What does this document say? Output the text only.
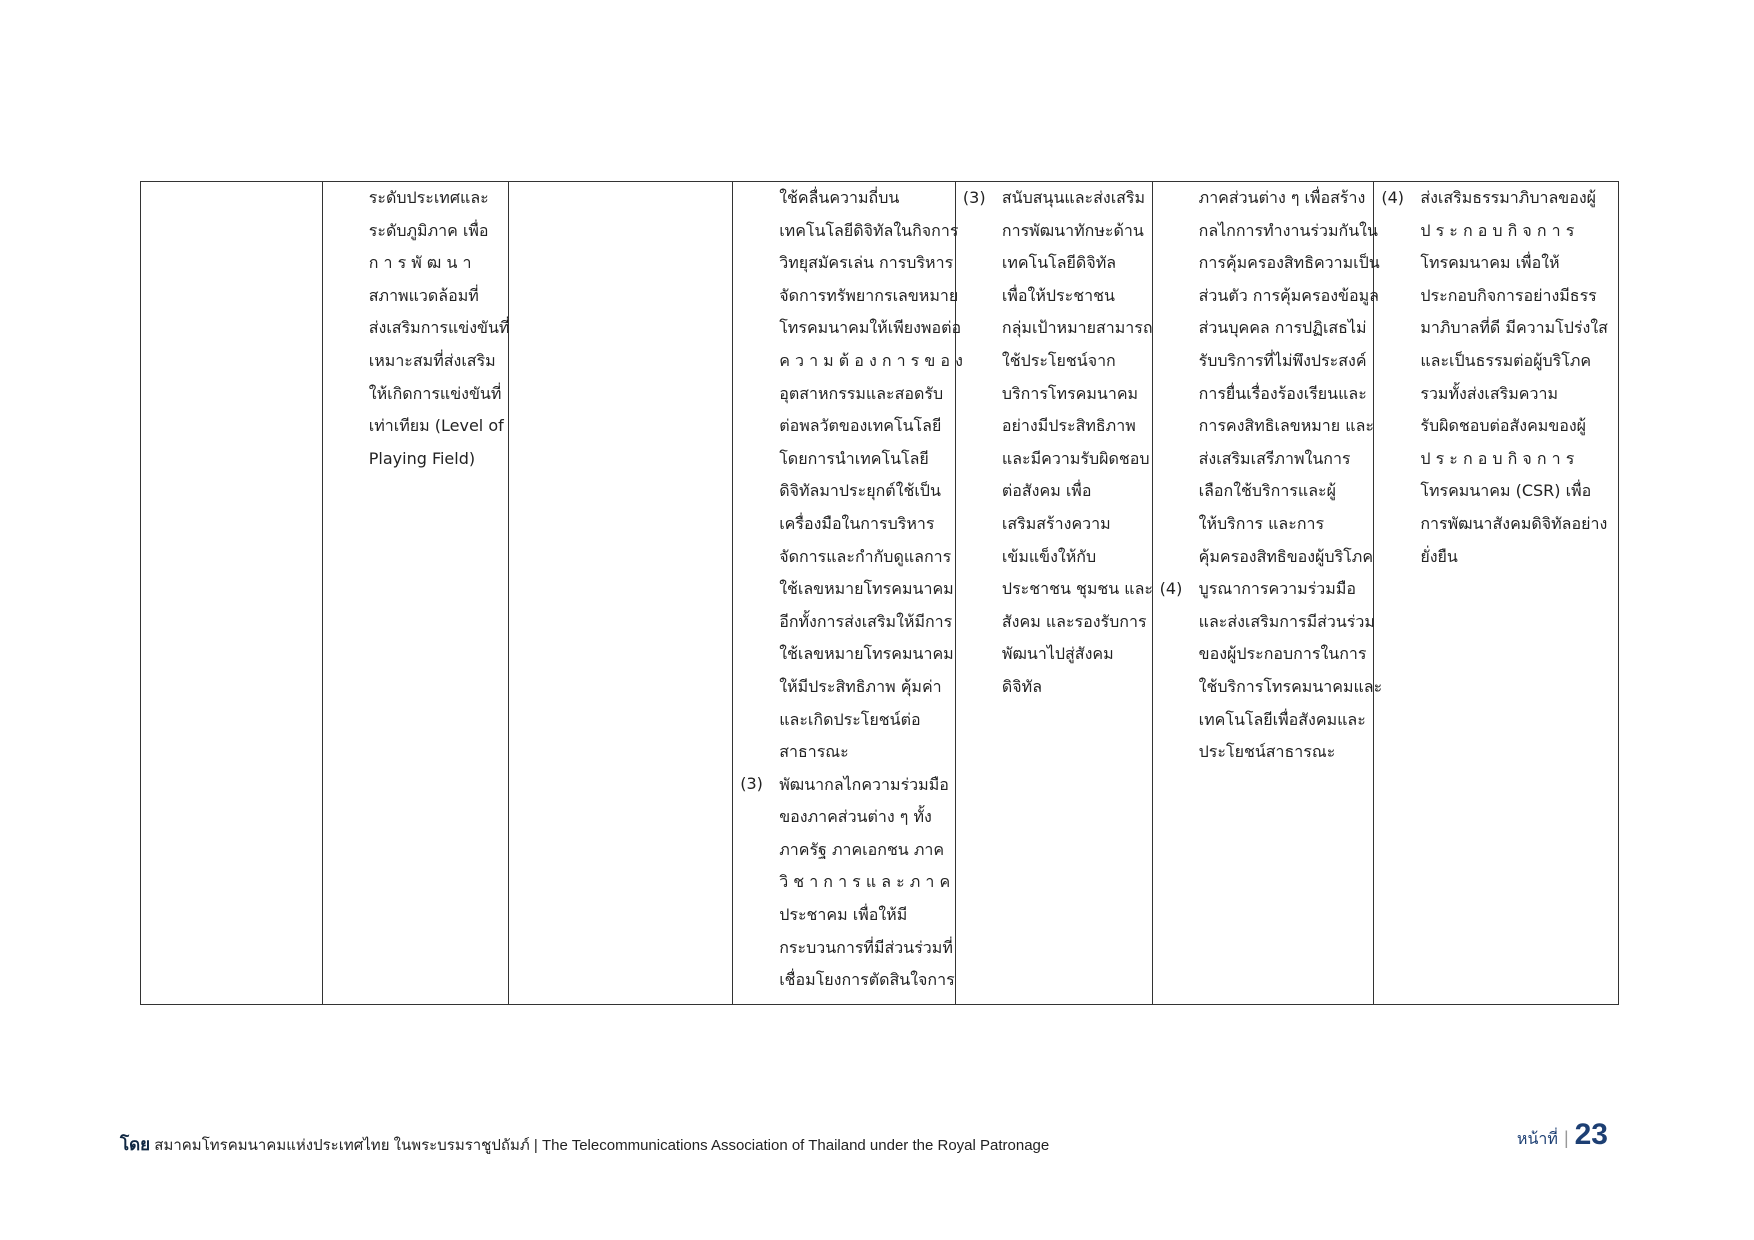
ระดับประเทศและ
ระดับภูมิภาค เพื่อ
ก า ร พั ฒ น า
สภาพแวดล้อมที่
ส่งเสริมการแข่งขันที่
เหมาะสมที่ส่งเสริม
ให้เกิดการแข่งขันที่
เท่าเทียม (Level of
Playing Field)
(3)
ใช้คลื่นความถี่บน
เทคโนโลยีดิจิทัลในกิจการ
วิทยุสมัครเล่น การบริหาร
จัดการทรัพยากรเลขหมาย
โทรคมนาคมให้เพียงพอต่อ
ค ว า ม ต้ อ ง ก า ร ข อ ง
อุตสาหกรรมและสอดรับ
ต่อพลวัตของเทคโนโลยี
โดยการนำเทคโนโลยี
ดิจิทัลมาประยุกต์ใช้เป็น
เครื่องมือในการบริหาร
จัดการและกำกับดูแลการ
ใช้เลขหมายโทรคมนาคม
อีกทั้งการส่งเสริมให้มีการ
ใช้เลขหมายโทรคมนาคม
ให้มีประสิทธิภาพ คุ้มค่า
และเกิดประโยชน์ต่อ
สาธารณะ
พัฒนากลไกความร่วมมือ
ของภาคส่วนต่าง ๆ ทั้ง
ภาครัฐ ภาคเอกชน ภาค
วิ ช า ก า ร แ ล ะ ภ า ค
ประชาคม เพื่อให้มี
กระบวนการที่มีส่วนร่วมที่
เชื่อมโยงการตัดสินใจการ
(3) สนับสนุนและส่งเสริม
การพัฒนาทักษะด้าน
เทคโนโลยีดิจิทัล
เพื่อให้ประชาชน
กลุ่มเป้าหมายสามารถ
ใช้ประโยชน์จาก
บริการโทรคมนาคม
อย่างมีประสิทธิภาพ
และมีความรับผิดชอบ
ต่อสังคม เพื่อ
เสริมสร้างความ
เข้มแข็งให้กับ
ประชาชน ชุมชน และ
สังคม และรองรับการ
พัฒนาไปสู่สังคม
ดิจิทัล
(4)
ภาคส่วนต่าง ๆ เพื่อสร้าง
กลไกการทำงานร่วมกันใน
การคุ้มครองสิทธิความเป็น
ส่วนตัว การคุ้มครองข้อมูล
ส่วนบุคคล การปฏิเสธไม่
รับบริการที่ไม่พึงประสงค์
การยื่นเรื่องร้องเรียนและ
การคงสิทธิเลขหมาย และ
ส่งเสริมเสรีภาพในการ
เลือกใช้บริการและผู้
ให้บริการ และการ
คุ้มครองสิทธิของผู้บริโภค
บูรณาการความร่วมมือ
และส่งเสริมการมีส่วนร่วม
ของผู้ประกอบการในการ
ใช้บริการโทรคมนาคมและ
เทคโนโลยีเพื่อสังคมและ
ประโยชน์สาธารณะ
(4) ส่งเสริมธรรมาภิบาลของผู้
ป ร ะ ก อ บ กิ จ ก า ร
โทรคมนาคม เพื่อให้
ประกอบกิจการอย่างมีธรร
มาภิบาลที่ดี มีความโปร่งใส
และเป็นธรรมต่อผู้บริโภค
รวมทั้งส่งเสริมความ
รับผิดชอบต่อสังคมของผู้
ป ร ะ ก อ บ กิ จ ก า ร
โทรคมนาคม (CSR) เพื่อ
การพัฒนาสังคมดิจิทัลอย่าง
ยั่งยืน
โดย สมาคมโทรคมนาคมแห่งประเทศไทย ในพระบรมราชูปถัมภ์ | The Telecommunications Association of Thailand under the Royal Patronage	หน้าที่ | 23
